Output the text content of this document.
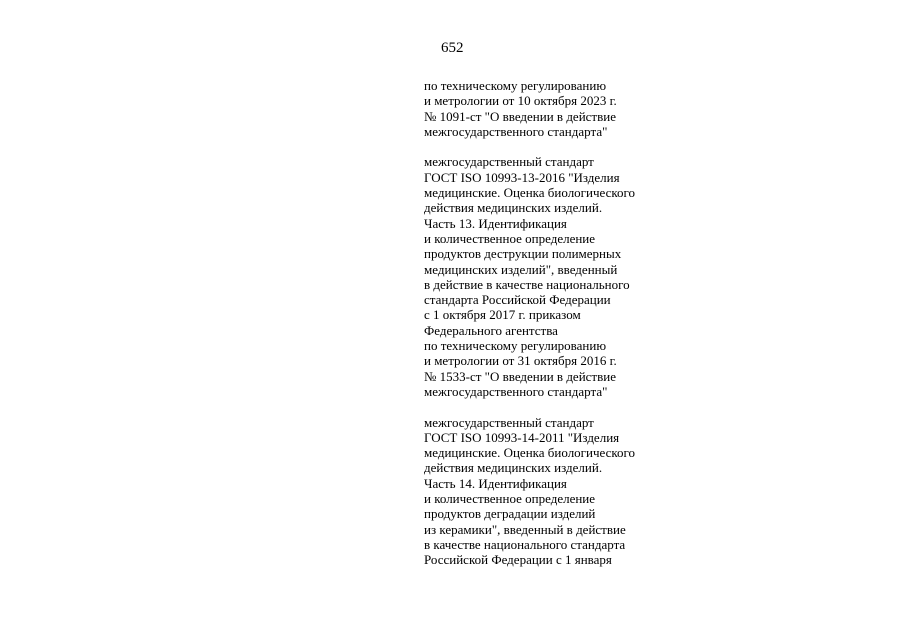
652

по техническому регулированию
и метрологии от 10 октября 2023 г.
№ 1091-ст "О введении в действие
межгосударственного стандарта"

межгосударственный стандарт
ГОСТ ISO 10993-13-2016 "Изделия
медицинские. Оценка биологического
действия медицинских изделий.
Часть 13. Идентификация
и количественное определение
продуктов деструкции полимерных
медицинских изделий", введенный
в действие в качестве национального
стандарта Российской Федерации
с 1 октября 2017 г. приказом
Федерального агентства
по техническому регулированию
и метрологии от 31 октября 2016 г.
№ 1533-ст "О введении в действие
межгосударственного стандарта"

межгосударственный стандарт
ГОСТ ISO 10993-14-2011 "Изделия
медицинские. Оценка биологического
действия медицинских изделий.
Часть 14. Идентификация
и количественное определение
продуктов деградации изделий
из керамики", введенный в действие
в качестве национального стандарта
Российской Федерации с 1 января
